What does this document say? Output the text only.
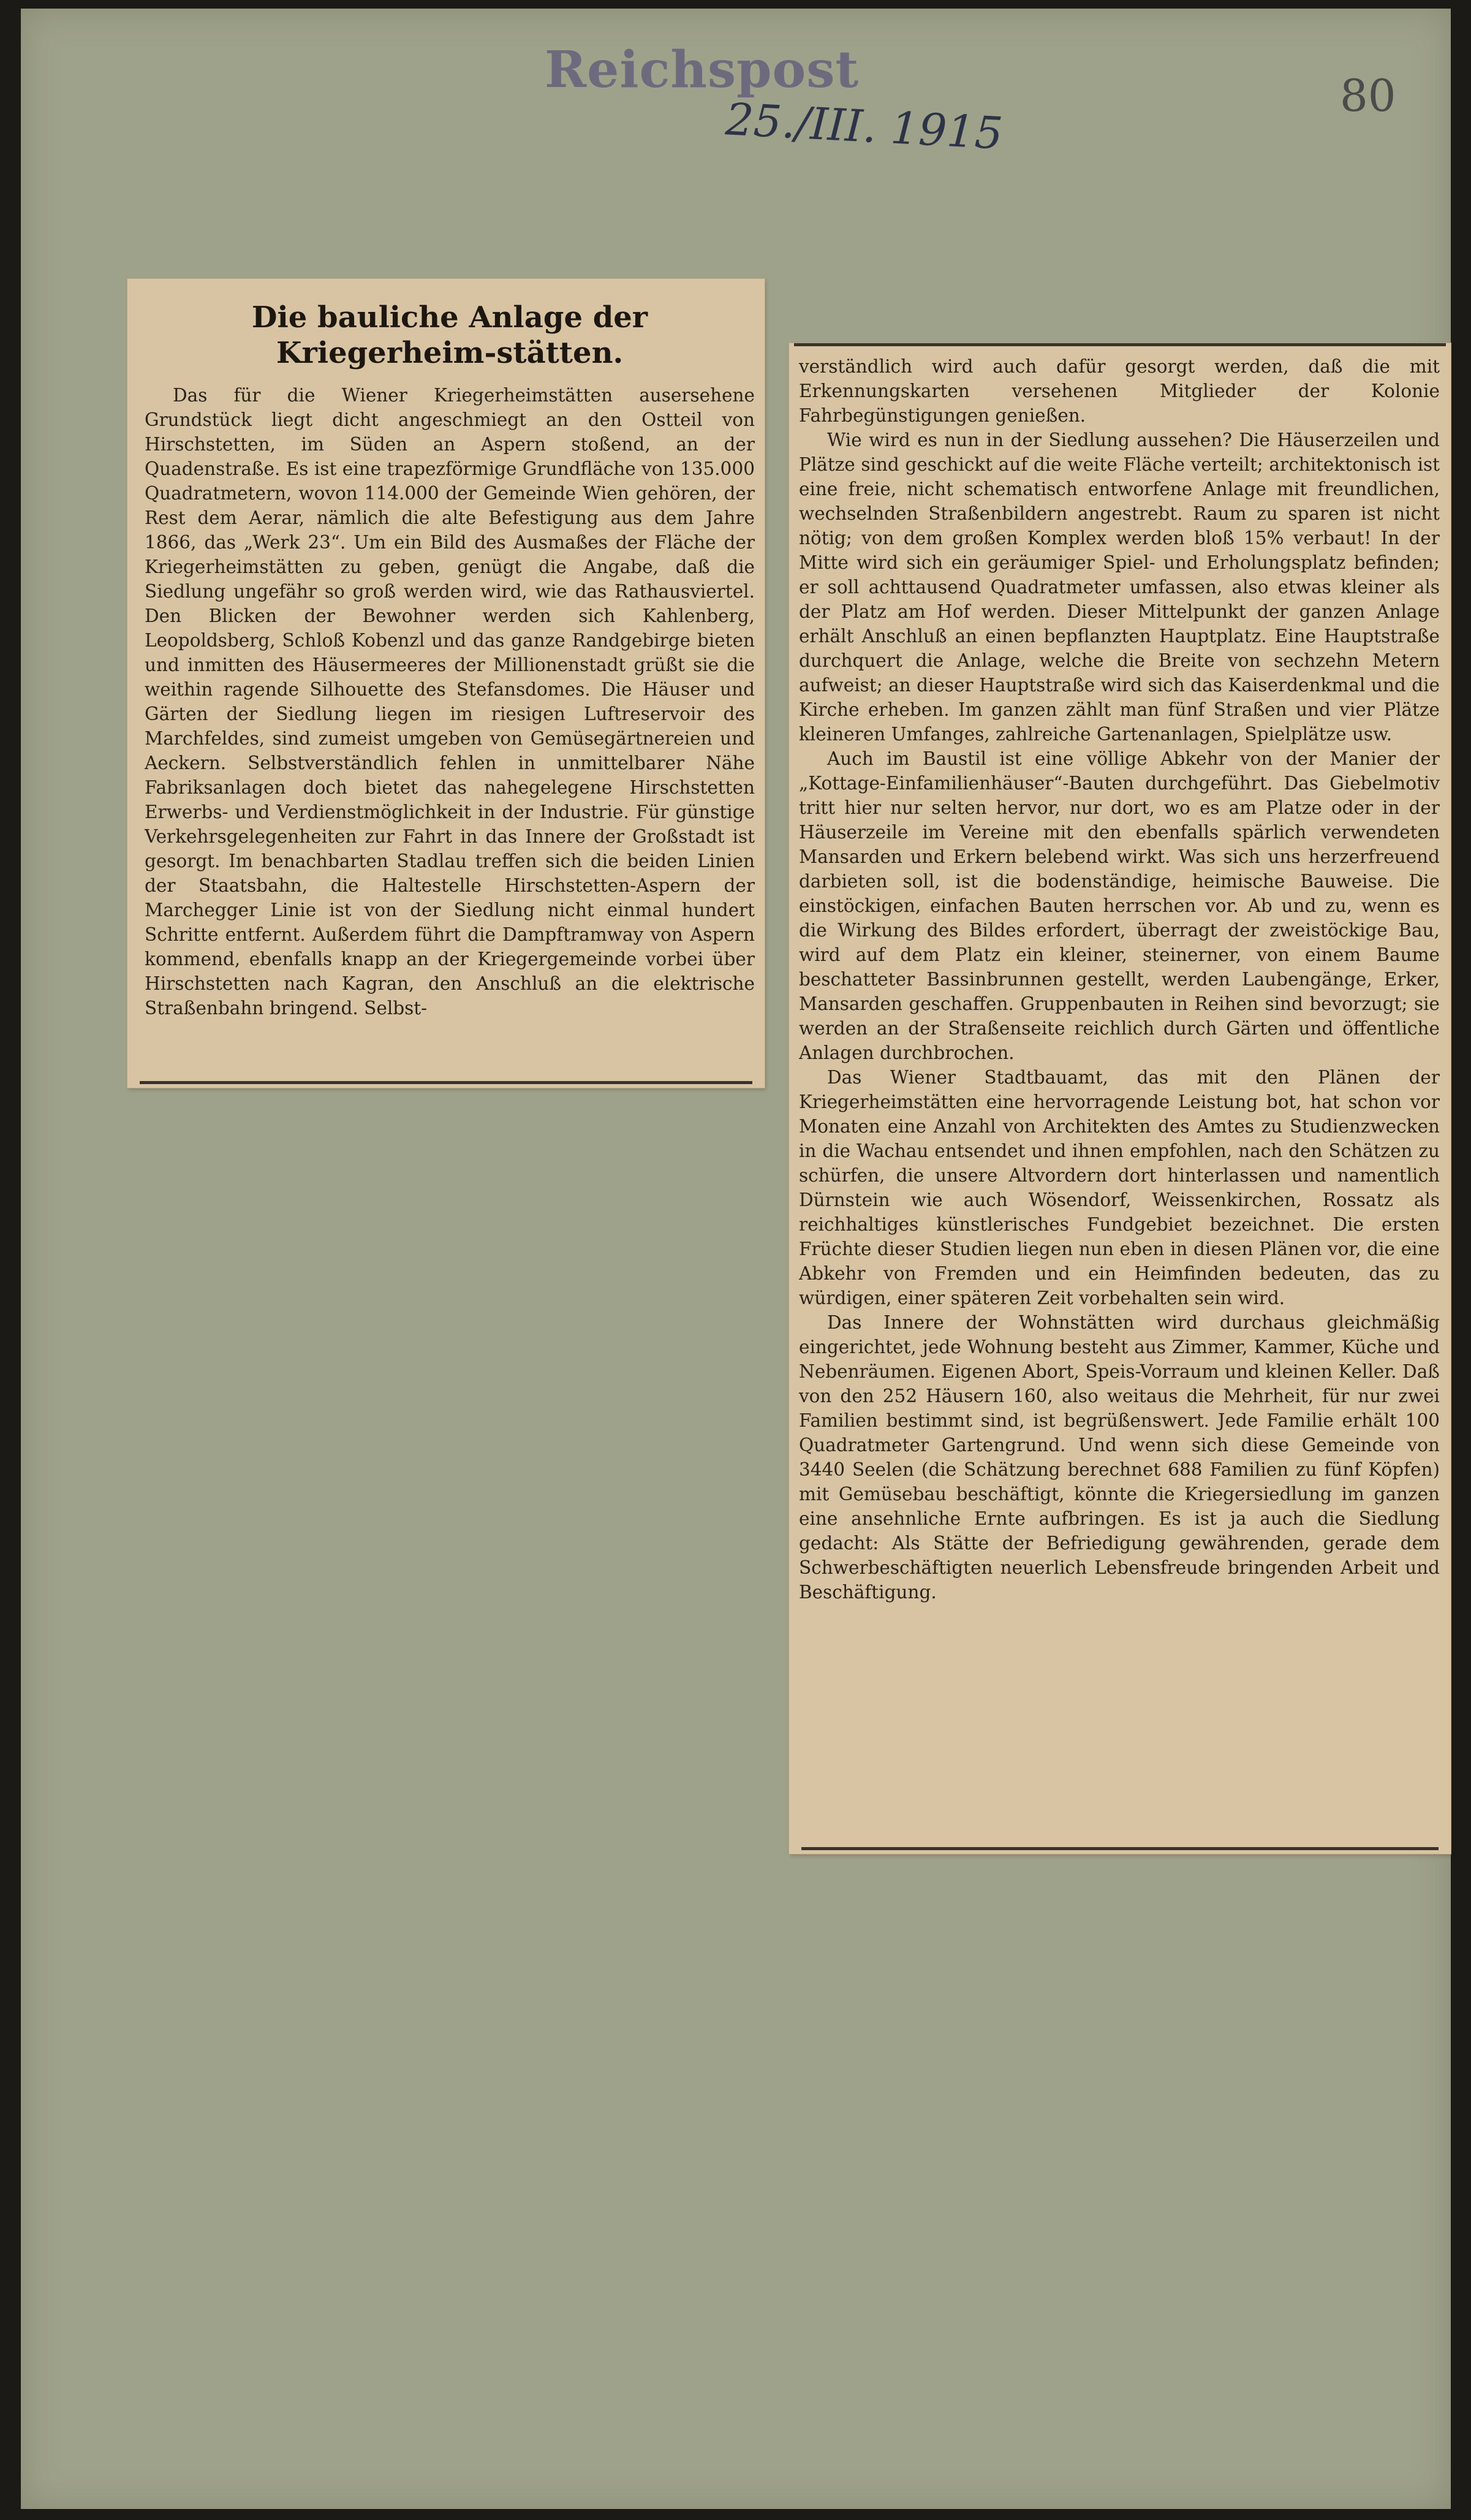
Reichspost
25./III. 1915	80
Die bauliche Anlage der Kriegerheim-stätten.

Das für die Wiener Kriegerheimstätten ausersehene Grundstück liegt dicht angeschmiegt an den Ostteil von Hirschstetten, im Süden an Aspern stoßend, an der Quadenstraße. Es ist eine trapezförmige Grundfläche von 135.000 Quadratmetern, wovon 114.000 der Gemeinde Wien gehören, der Rest dem Aerar, nämlich die alte Befestigung aus dem Jahre 1866, das „Werk 23“. Um ein Bild des Ausmaßes der Fläche der Kriegerheimstätten zu geben, genügt die Angabe, daß die Siedlung ungefähr so groß werden wird, wie das Rathausviertel. Den Blicken der Bewohner werden sich Kahlenberg, Leopoldsberg, Schloß Kobenzl und das ganze Randgebirge bieten und inmitten des Häusermeeres der Millionenstadt grüßt sie die weithin ragende Silhouette des Stefansdomes. Die Häuser und Gärten der Siedlung liegen im riesigen Luftreservoir des Marchfeldes, sind zumeist umgeben von Gemüsegärtnereien und Aeckern. Selbstverständlich fehlen in unmittelbarer Nähe Fabriksanlagen doch bietet das nahegelegene Hirschstetten Erwerbs- und Verdienstmöglichkeit in der Industrie. Für günstige Verkehrsgelegenheiten zur Fahrt in das Innere der Großstadt ist gesorgt. Im benachbarten Stadlau treffen sich die beiden Linien der Staatsbahn, die Haltestelle Hirschstetten-Aspern der Marchegger Linie ist von der Siedlung nicht einmal hundert Schritte entfernt. Außerdem führt die Dampftramway von Aspern kommend, ebenfalls knapp an der Kriegergemeinde vorbei über Hirschstetten nach Kagran, den Anschluß an die elektrische Straßenbahn bringend. Selbst-

verständlich wird auch dafür gesorgt werden, daß die mit Erkennungskarten versehenen Mitglieder der Kolonie Fahrbegünstigungen genießen.

Wie wird es nun in der Siedlung aussehen? Die Häuserzeilen und Plätze sind geschickt auf die weite Fläche verteilt; architektonisch ist eine freie, nicht schematisch entworfene Anlage mit freundlichen, wechselnden Straßenbildern angestrebt. Raum zu sparen ist nicht nötig; von dem großen Komplex werden bloß 15% verbaut! In der Mitte wird sich ein geräumiger Spiel- und Erholungsplatz befinden; er soll achttausend Quadratmeter umfassen, also etwas kleiner als der Platz am Hof werden. Dieser Mittelpunkt der ganzen Anlage erhält Anschluß an einen bepflanzten Hauptplatz. Eine Hauptstraße durchquert die Anlage, welche die Breite von sechzehn Metern aufweist; an dieser Hauptstraße wird sich das Kaiserdenkmal und die Kirche erheben. Im ganzen zählt man fünf Straßen und vier Plätze kleineren Umfanges, zahlreiche Gartenanlagen, Spielplätze usw.

Auch im Baustil ist eine völlige Abkehr von der Manier der „Kottage-Einfamilienhäuser“-Bauten durchgeführt. Das Giebelmotiv tritt hier nur selten hervor, nur dort, wo es am Platze oder in der Häuserzeile im Vereine mit den ebenfalls spärlich verwendeten Mansarden und Erkern belebend wirkt. Was sich uns herzerfreuend darbieten soll, ist die bodenständige, heimische Bauweise. Die einstöckigen, einfachen Bauten herrschen vor. Ab und zu, wenn es die Wirkung des Bildes erfordert, überragt der zweistöckige Bau, wird auf dem Platz ein kleiner, steinerner, von einem Baume beschatteter Bassinbrunnen gestellt, werden Laubengänge, Erker, Mansarden geschaffen. Gruppenbauten in Reihen sind bevorzugt; sie werden an der Straßenseite reichlich durch Gärten und öffentliche Anlagen durchbrochen.

Das Wiener Stadtbauamt, das mit den Plänen der Kriegerheimstätten eine hervorragende Leistung bot, hat schon vor Monaten eine Anzahl von Architekten des Amtes zu Studienzwecken in die Wachau entsendet und ihnen empfohlen, nach den Schätzen zu schürfen, die unsere Altvordern dort hinterlassen und namentlich Dürnstein wie auch Wösendorf, Weissenkirchen, Rossatz als reichhaltiges künstlerisches Fundgebiet bezeichnet. Die ersten Früchte dieser Studien liegen nun eben in diesen Plänen vor, die eine Abkehr von Fremden und ein Heimfinden bedeuten, das zu würdigen, einer späteren Zeit vorbehalten sein wird.

Das Innere der Wohnstätten wird durchaus gleichmäßig eingerichtet, jede Wohnung besteht aus Zimmer, Kammer, Küche und Nebenräumen. Eigenen Abort, Speis-Vorraum und kleinen Keller. Daß von den 252 Häusern 160, also weitaus die Mehrheit, für nur zwei Familien bestimmt sind, ist begrüßenswert. Jede Familie erhält 100 Quadratmeter Gartengrund. Und wenn sich diese Gemeinde von 3440 Seelen (die Schätzung berechnet 688 Familien zu fünf Köpfen) mit Gemüsebau beschäftigt, könnte die Kriegersiedlung im ganzen eine ansehnliche Ernte aufbringen. Es ist ja auch die Siedlung gedacht: Als Stätte der Befriedigung gewährenden, gerade dem Schwerbeschäftigten neuerlich Lebensfreude bringenden Arbeit und Beschäftigung.
